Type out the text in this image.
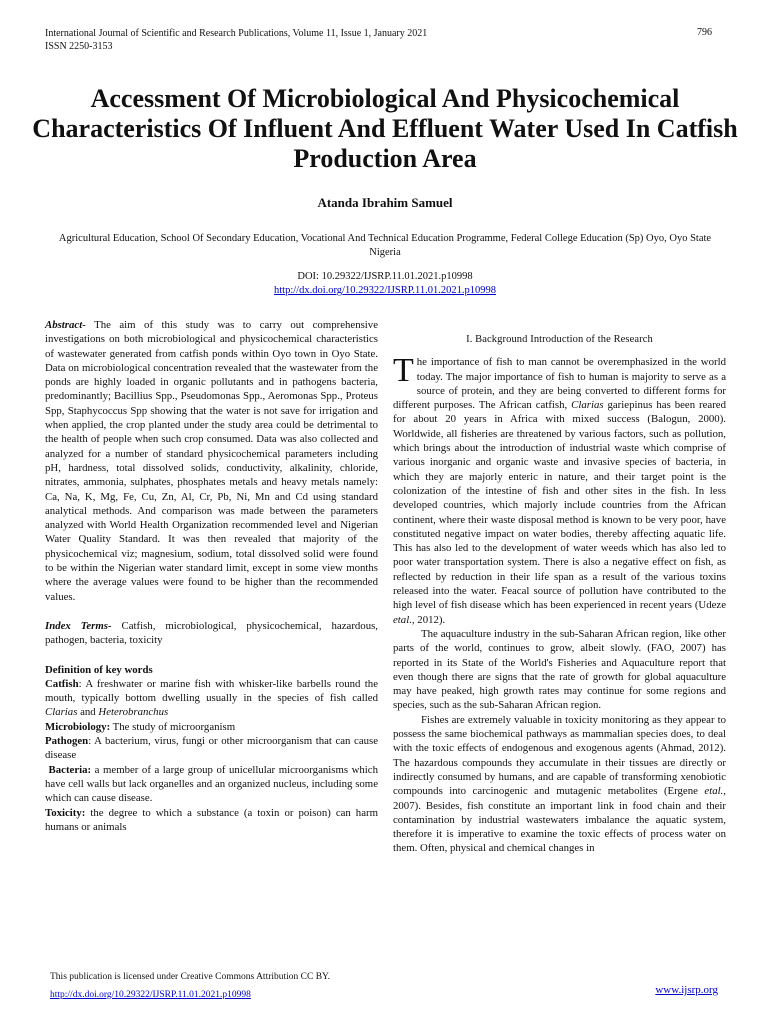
International Journal of Scientific and Research Publications, Volume 11, Issue 1, January 2021
ISSN 2250-3153
796
Accessment Of Microbiological And Physicochemical Characteristics Of Influent And Effluent Water Used In Catfish Production Area
Atanda Ibrahim Samuel
Agricultural Education, School Of Secondary Education, Vocational And Technical Education Programme, Federal College Education (Sp) Oyo, Oyo State Nigeria
DOI: 10.29322/IJSRP.11.01.2021.p10998
http://dx.doi.org/10.29322/IJSRP.11.01.2021.p10998

Abstract- The aim of this study was to carry out comprehensive investigations on both microbiological and physicochemical characteristics of wastewater generated from catfish ponds within Oyo town in Oyo State. Data on microbiological concentration revealed that the wastewater from the ponds are highly loaded in organic pollutants and in pathogens bacteria, predominantly; Bacillius Spp., Pseudomonas Spp., Aeromonas Spp., Proteus Spp, Staphycoccus Spp showing that the water is not save for irrigation and when applied, the crop planted under the study area could be detrimental to the health of people when such crop consumed. Data was also collected and analyzed for a number of standard physicochemical parameters including pH, hardness, total dissolved solids, conductivity, alkalinity, chloride, nitrates, ammonia, sulphates, phosphates metals and heavy metals namely: Ca, Na, K, Mg, Fe, Cu, Zn, Al, Cr, Pb, Ni, Mn and Cd using standard analytical methods. And comparison was made between the parameters analyzed with World Health Organization recommended level and Nigerian Water Quality Standard. It was then revealed that majority of the physicochemical viz; magnesium, sodium, total dissolved solid were found to be within the Nigerian water standard limit, except in some view months where the average values were found to be higher than the recommended values.

Index Terms- Catfish, microbiological, physicochemical, hazardous, pathogen, bacteria, toxicity

Definition of key words

Catfish: A freshwater or marine fish with whisker-like barbells round the mouth, typically bottom dwelling usually in the species of fish called Clarias and Heterobranchus

Microbiology: The study of microorganism

Pathogen: A bacterium, virus, fungi or other microorganism that can cause disease

Bacteria: a member of a large group of unicellular microorganisms which have cell walls but lack organelles and an organized nucleus, including some which can cause disease.

Toxicity: the degree to which a substance (a toxin or poison) can harm humans or animals

I. Background Introduction of the Research

The importance of fish to man cannot be overemphasized in the world today. The major importance of fish to human is majority to serve as a source of protein, and they are being converted to different forms for different purposes. The African catfish, Clarias gariepinus has been reared for about 20 years in Africa with mixed success (Balogun, 2000). Worldwide, all fisheries are threatened by various factors, such as pollution, which brings about the introduction of industrial waste which comprise of various inorganic and organic waste and invasive species of bacteria, in which they are majorly enteric in nature, and their target point is the colonization of the intestine of fish and other sites in the fish. In less developed countries, which majorly include countries from the African continent, where their waste disposal method is known to be very poor, have constituted negative impact on water bodies, thereby affecting aquatic life. This has also led to the development of water weeds which has also led to poor water transportation system. There is also a negative effect on fish, as reflected by reduction in their life span as a result of the various toxins released into the water. Feacal source of pollution have contributed to the high level of fish disease which has been experienced in recent years (Udeze etal., 2012).

The aquaculture industry in the sub-Saharan African region, like other parts of the world, continues to grow, albeit slowly. (FAO, 2007) has reported in its State of the World's Fisheries and Aquaculture report that even though there are signs that the rate of growth for global aquaculture may have peaked, high growth rates may continue for some regions and species, such as the sub-Saharan African region.

Fishes are extremely valuable in toxicity monitoring as they appear to possess the same biochemical pathways as mammalian species does, to deal with the toxic effects of endogenous and exogenous agents (Ahmad, 2012). The hazardous compounds they accumulate in their tissues are directly or indirectly consumed by humans, and are capable of transforming xenobiotic compounds into carcinogenic and mutagenic metabolites (Ergene etal., 2007). Besides, fish constitute an important link in food chain and their contamination by industrial wastewaters imbalance the aquatic system, therefore it is imperative to examine the toxic effects of process water on them. Often, physical and chemical changes in

This publication is licensed under Creative Commons Attribution CC BY.
http://dx.doi.org/10.29322/IJSRP.11.01.2021.p10998	www.ijsrp.org
